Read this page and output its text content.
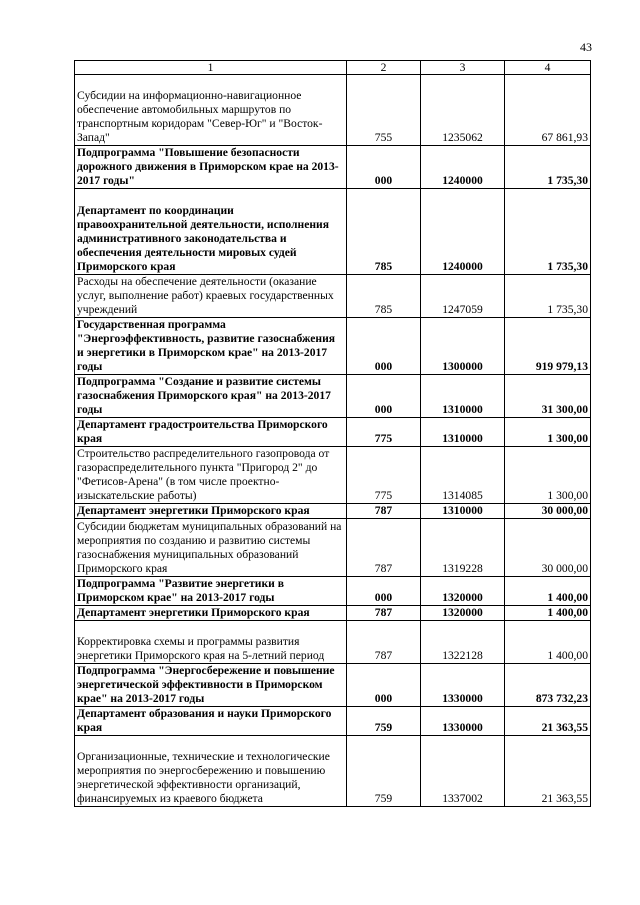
43
1	2	3	4
Субсидии на информационно-навигационное обеспечение автомобильных маршрутов по транспортным коридорам "Север-Юг" и "Восток-Запад"	755	1235062	67 861,93
Подпрограмма "Повышение безопасности дорожного движения в Приморском крае на 2013-2017 годы"	000	1240000	1 735,30
Департамент по координации правоохранительной деятельности, исполнения административного законодательства и обеспечения деятельности мировых судей Приморского края	785	1240000	1 735,30
Расходы на обеспечение деятельности (оказание услуг, выполнение работ) краевых государственных учреждений	785	1247059	1 735,30
Государственная программа "Энергоэффективность, развитие газоснабжения и энергетики в Приморском крае" на 2013-2017 годы	000	1300000	919 979,13
Подпрограмма "Создание и развитие системы газоснабжения Приморского края" на 2013-2017 годы	000	1310000	31 300,00
Департамент градостроительства Приморского края	775	1310000	1 300,00
Строительство распределительного газопровода от газораспределительного пункта "Пригород 2" до "Фетисов-Арена" (в том числе проектно-изыскательские работы)	775	1314085	1 300,00
Департамент энергетики Приморского края	787	1310000	30 000,00
Субсидии бюджетам муниципальных образований на мероприятия по созданию и развитию системы газоснабжения муниципальных образований Приморского края	787	1319228	30 000,00
Подпрограмма "Развитие энергетики в Приморском крае" на 2013-2017 годы	000	1320000	1 400,00
Департамент энергетики Приморского края	787	1320000	1 400,00
Корректировка схемы и программы развития энергетики Приморского края на 5-летний период	787	1322128	1 400,00
Подпрограмма "Энергосбережение и повышение энергетической эффективности в Приморском крае" на 2013-2017 годы	000	1330000	873 732,23
Департамент образования и науки Приморского края	759	1330000	21 363,55
Организационные, технические и технологические мероприятия по энергосбережению и повышению энергетической эффективности организаций, финансируемых из краевого бюджета	759	1337002	21 363,55
